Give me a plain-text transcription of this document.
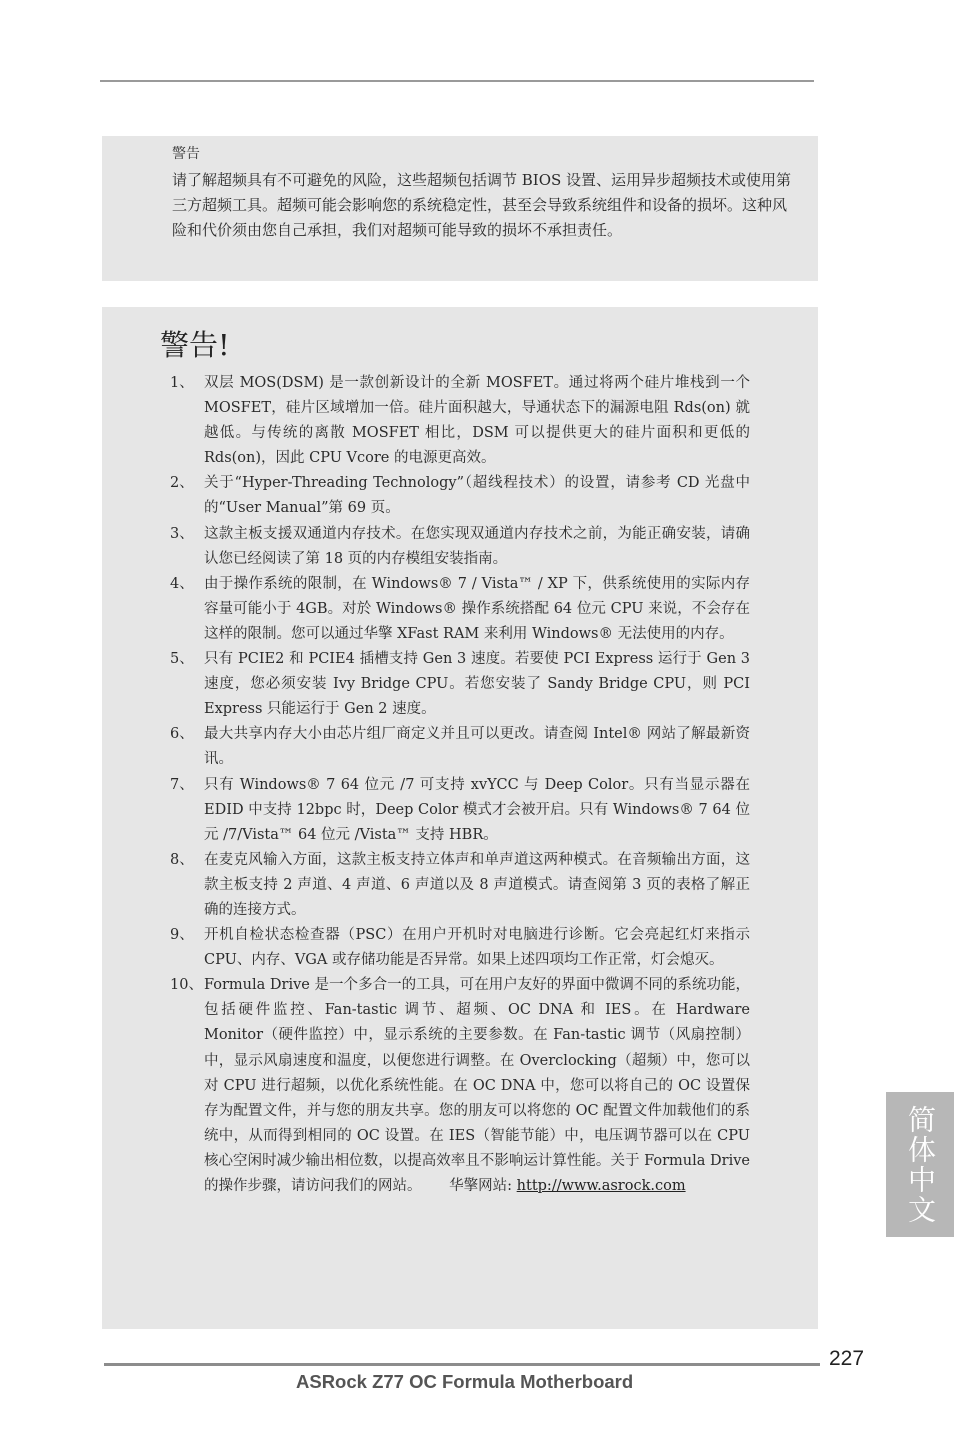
警告
请了解超频具有不可避免的风险，这些超频包括调节 BIOS 设置、运用异步超频技术或使用第三方超频工具。超频可能会影响您的系统稳定性，甚至会导致系统组件和设备的损坏。这种风险和代价须由您自己承担，我们对超频可能导致的损坏不承担责任。
警告!
1、 双层 MOS(DSM) 是一款创新设计的全新 MOSFET。通过将两个硅片堆栈到一个 MOSFET，硅片区域增加一倍。硅片面积越大，导通状态下的漏源电阻 Rds(on) 就越低。与传统的离散 MOSFET 相比，DSM 可以提供更大的硅片面积和更低的 Rds(on)，因此 CPU Vcore 的电源更高效。
2、 关于“Hyper-Threading Technology”（超线程技术）的设置，请参考 CD 光盘中的“User Manual”第 69 页。
3、 这款主板支援双通道内存技术。在您实现双通道内存技术之前，为能正确安装，请确认您已经阅读了第 18 页的内存模组安装指南。
4、 由于操作系统的限制，在 Windows® 7 / Vista™ / XP 下，供系统使用的实际内存容量可能小于 4GB。对於 Windows® 操作系统搭配 64 位元 CPU 来说，不会存在这样的限制。您可以通过华擎 XFast RAM 来利用 Windows® 无法使用的内存。
5、 只有 PCIE2 和 PCIE4 插槽支持 Gen 3 速度。若要使 PCI Express 运行于 Gen 3 速度，您必须安装 Ivy Bridge CPU。若您安装了 Sandy Bridge CPU，则 PCI Express 只能运行于 Gen 2 速度。
6、 最大共享内存大小由芯片组厂商定义并且可以更改。请查阅 Intel® 网站了解最新资讯。
7、 只有 Windows® 7 64 位元 /7 可支持 xvYCC 与 Deep Color。只有当显示器在 EDID 中支持 12bpc 时，Deep Color 模式才会被开启。只有 Windows® 7 64 位元 /7/Vista™ 64 位元 /Vista™ 支持 HBR。
8、 在麦克风输入方面，这款主板支持立体声和单声道这两种模式。在音频输出方面，这款主板支持 2 声道、4 声道、6 声道以及 8 声道模式。请查阅第 3 页的表格了解正确的连接方式。
9、 开机自检状态检查器（PSC）在用户开机时对电脑进行诊断。它会亮起红灯来指示 CPU、内存、VGA 或存储功能是否异常。如果上述四项均工作正常，灯会熄灭。
10、 Formula Drive 是一个多合一的工具，可在用户友好的界面中微调不同的系统功能，包括硬件监控、Fan-tastic 调节、超频、OC DNA 和 IES。在 Hardware Monitor（硬件监控）中，显示系统的主要参数。在 Fan-tastic 调节（风扇控制）中，显示风扇速度和温度，以便您进行调整。在 Overclocking（超频）中，您可以对 CPU 进行超频，以优化系统性能。在 OC DNA 中，您可以将自己的 OC 设置保存为配置文件，并与您的朋友共享。您的朋友可以将您的 OC 配置文件加载他们的系统中，从而得到相同的 OC 设置。在 IES（智能节能）中，电压调节器可以在 CPU 核心空闲时减少输出相位数，以提高效率且不影响运计算性能。关于 Formula Drive 的操作步骤，请访问我们的网站。 华擎网站: http://www.asrock.com	简体中文
227
ASRock Z77 OC Formula Motherboard
